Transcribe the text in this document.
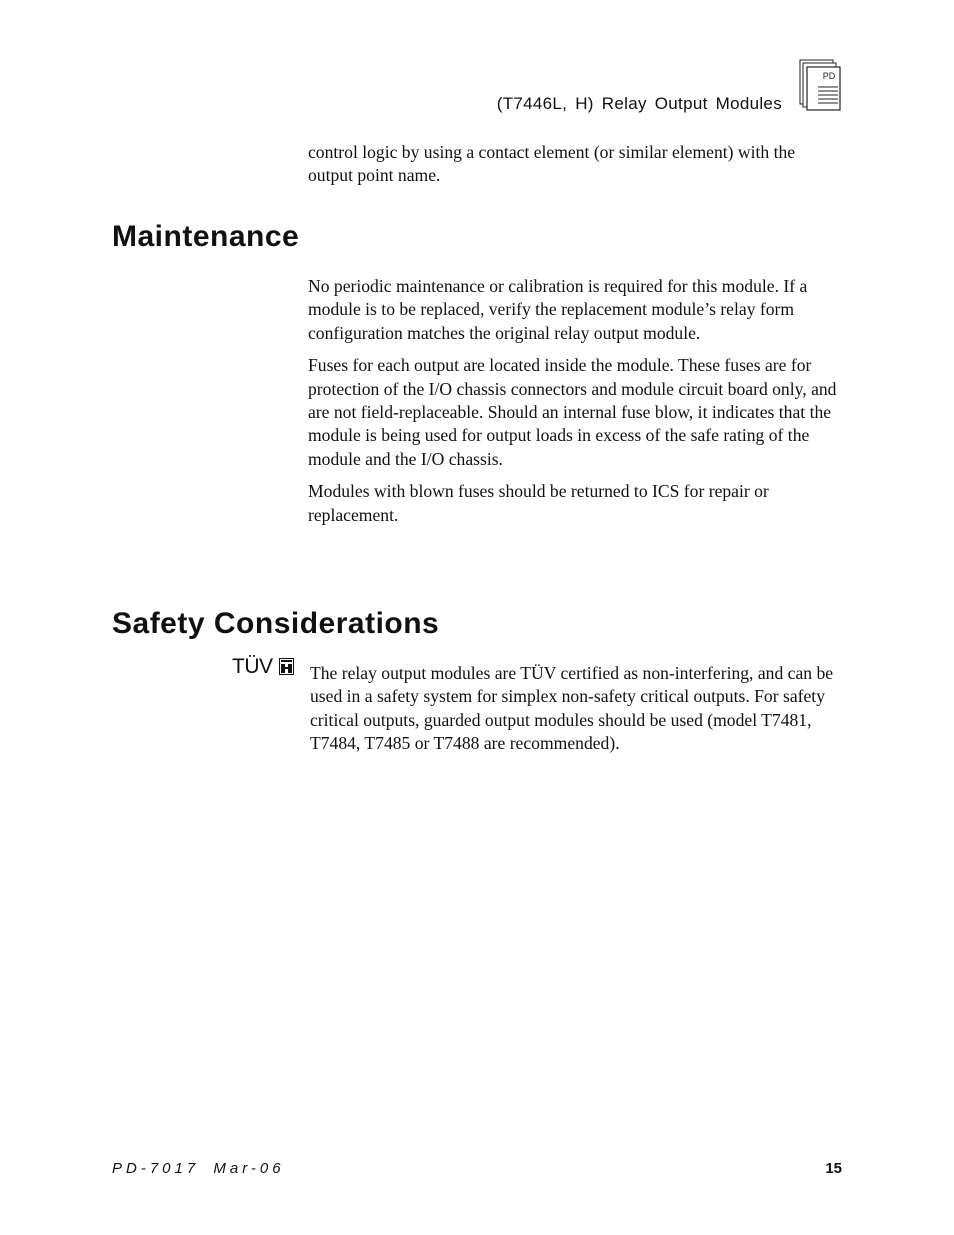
(T7446L, H) Relay Output Modules
PD

control logic by using a contact element (or similar element) with the output point name.

Maintenance

No periodic maintenance or calibration is required for this module. If a module is to be replaced, verify the replacement module’s relay form configuration matches the original relay output module.

Fuses for each output are located inside the module. These fuses are for protection of the I/O chassis connectors and module circuit board only, and are not field-replaceable. Should an internal fuse blow, it indicates that the module is being used for output loads in excess of the safe rating of the module and the I/O chassis.

Modules with blown fuses should be returned to ICS for repair or replacement.

Safety Considerations
TÜV	The relay output modules are TÜV certified as non-interfering, and can be used in a safety system for simplex non-safety critical outputs. For safety critical outputs, guarded output modules should be used (model T7481, T7484, T7485 or T7488 are recommended).

PD-7017 Mar-06	15
